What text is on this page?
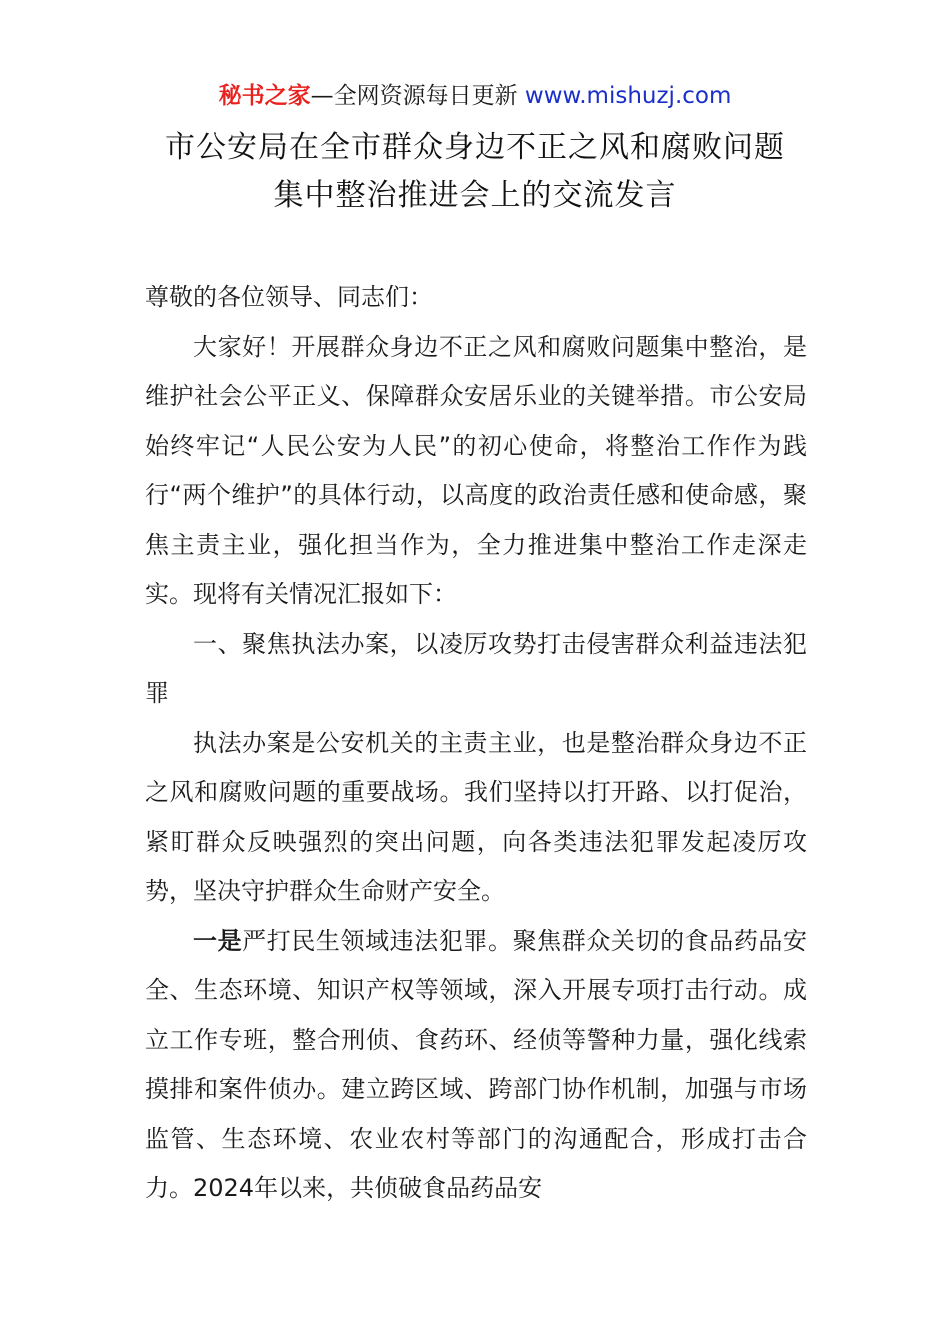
秘书之家—全网资源每日更新 www.mishuzj.com
市公安局在全市群众身边不正之风和腐败问题
集中整治推进会上的交流发言

尊敬的各位领导、同志们：

大家好！开展群众身边不正之风和腐败问题集中整治，是维护社会公平正义、保障群众安居乐业的关键举措。市公安局始终牢记“人民公安为人民”的初心使命，将整治工作作为践行“两个维护”的具体行动，以高度的政治责任感和使命感，聚焦主责主业，强化担当作为，全力推进集中整治工作走深走实。现将有关情况汇报如下：

一、聚焦执法办案，以凌厉攻势打击侵害群众利益违法犯罪

执法办案是公安机关的主责主业，也是整治群众身边不正之风和腐败问题的重要战场。我们坚持以打开路、以打促治，紧盯群众反映强烈的突出问题，向各类违法犯罪发起凌厉攻势，坚决守护群众生命财产安全。

一是严打民生领域违法犯罪。聚焦群众关切的食品药品安全、生态环境、知识产权等领域，深入开展专项打击行动。成立工作专班，整合刑侦、食药环、经侦等警种力量，强化线索摸排和案件侦办。建立跨区域、跨部门协作机制，加强与市场监管、生态环境、农业农村等部门的沟通配合，形成打击合力。2024年以来，共侦破食品药品安
